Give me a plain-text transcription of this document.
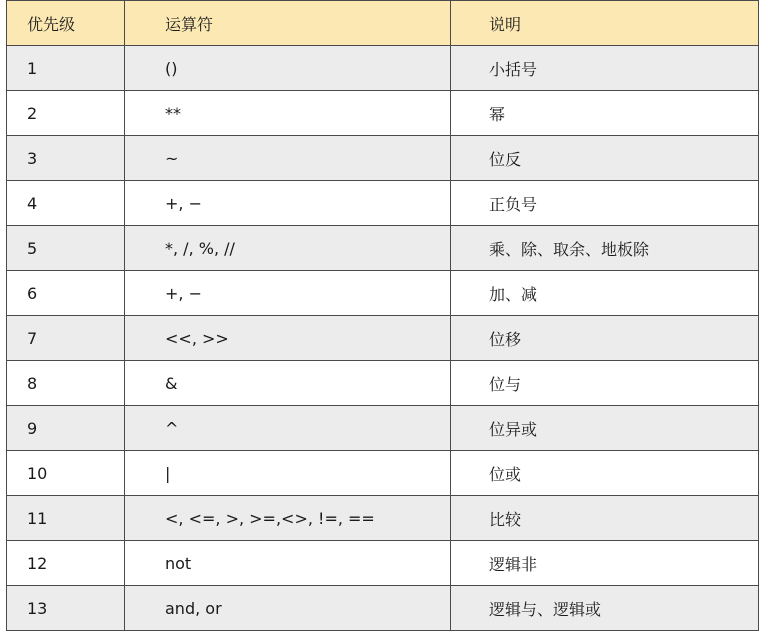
优先级	运算符	说明
1	()	小括号
2	**	幂
3	~	位反
4	+, −	正负号
5	*, /, %, //	乘、除、取余、地板除
6	+, −	加、减
7	<<, >>	位移
8	&	位与
9	^	位异或
10	|	位或
11	<, <=, >, >=,<>, !=, ==	比较
12	not	逻辑非
13	and, or	逻辑与、逻辑或
